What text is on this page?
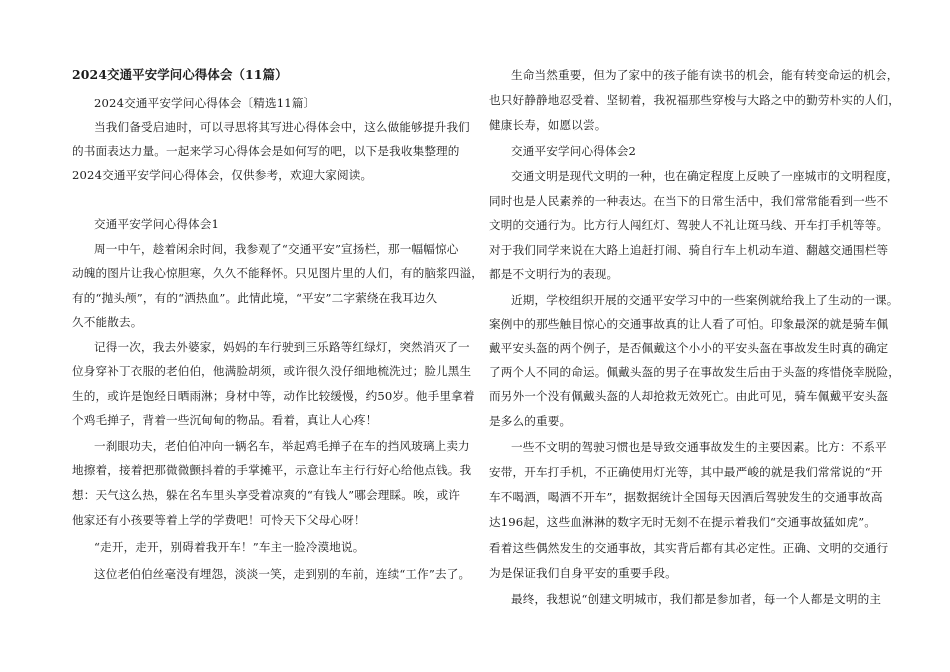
2024交通平安学问心得体会（11篇）
2024交通平安学问心得体会〔精选11篇〕
当我们备受启迪时，可以寻思将其写进心得体会中，这么做能够提升我们
的书面表达力量。一起来学习心得体会是如何写的吧，以下是我收集整理的
2024交通平安学问心得体会，仅供参考，欢迎大家阅读。
交通平安学问心得体会1
周一中午，趁着闲余时间，我参观了“交通平安”宣扬栏，那一幅幅惊心
动魄的图片让我心惊胆寒，久久不能释怀。只见图片里的人们，有的脑浆四溢，
有的“抛头颅”，有的“洒热血”。此情此境，“平安”二字萦绕在我耳边久
久不能散去。
记得一次，我去外婆家，妈妈的车行驶到三乐路等红绿灯，突然消灭了一
位身穿补丁衣服的老伯伯，他满脸胡须，或许很久没仔细地梳洗过；脸儿黑生
生的，或许是饱经日晒雨淋；身材中等，动作比较缓慢，约50岁。他手里拿着
个鸡毛掸子，背着一些沉甸甸的物品。看着，真让人心疼！
一刹眼功夫，老伯伯冲向一辆名车，举起鸡毛掸子在车的挡风玻璃上卖力
地擦着，接着把那微微颤抖着的手掌摊平，示意让车主行行好心给他点钱。我
想：天气这么热，躲在名车里头享受着凉爽的“有钱人”哪会理睬。唉，或许
他家还有小孩要等着上学的学费吧！可怜天下父母心呀！
“走开，走开，别碍着我开车！”车主一脸冷漠地说。
这位老伯伯丝毫没有埋怨，淡淡一笑，走到别的车前，连续“工作”去了。
生命当然重要，但为了家中的孩子能有读书的机会，能有转变命运的机会，
也只好静静地忍受着、坚韧着，我祝福那些穿梭与大路之中的勤劳朴实的人们，
健康长寿，如愿以尝。
交通平安学问心得体会2
交通文明是现代文明的一种，也在确定程度上反映了一座城市的文明程度，
同时也是人民素养的一种表达。在当下的日常生活中，我们常常能看到一些不
文明的交通行为。比方行人闯红灯、驾驶人不礼让斑马线、开车打手机等等。
对于我们同学来说在大路上追赶打闹、骑自行车上机动车道、翻越交通围栏等
都是不文明行为的表现。
近期，学校组织开展的交通平安学习中的一些案例就给我上了生动的一课。
案例中的那些触目惊心的交通事故真的让人看了可怕。印象最深的就是骑车佩
戴平安头盔的两个例子，是否佩戴这个小小的平安头盔在事故发生时真的确定
了两个人不同的命运。佩戴头盔的男子在事故发生后由于头盔的疼惜侥幸脱险，
而另外一个没有佩戴头盔的人却抢救无效死亡。由此可见，骑车佩戴平安头盔
是多么的重要。
一些不文明的驾驶习惯也是导致交通事故发生的主要因素。比方：不系平
安带，开车打手机，不正确使用灯光等，其中最严峻的就是我们常常说的“开
车不喝酒，喝酒不开车”，据数据统计全国每天因酒后驾驶发生的交通事故高
达196起，这些血淋淋的数字无时无刻不在提示着我们“交通事故猛如虎”。
看着这些偶然发生的交通事故，其实背后都有其必定性。正确、文明的交通行
为是保证我们自身平安的重要手段。
最终，我想说“创建文明城市，我们都是参加者，每一个人都是文明的主
